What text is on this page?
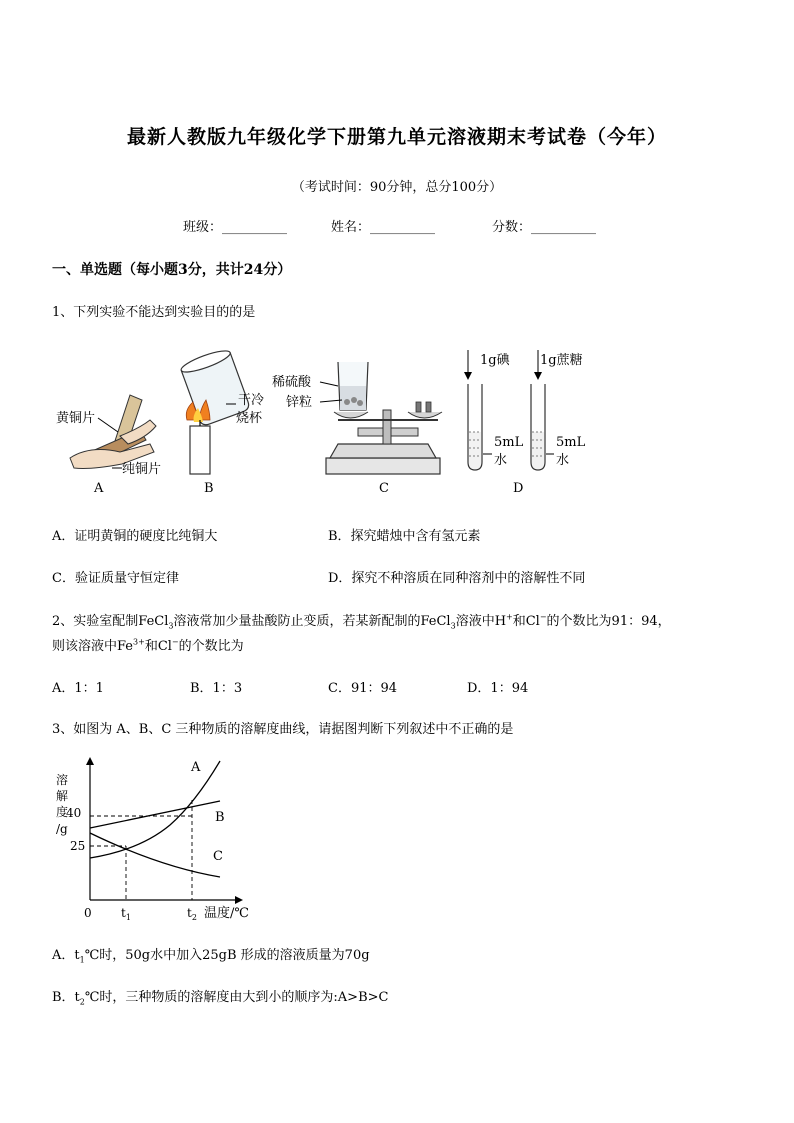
最新人教版九年级化学下册第九单元溶液期末考试卷（今年）
（考试时间：90分钟，总分100分）
班级：__________	姓名：__________	分数：__________
一、单选题（每小题3分，共计24分）
1、下列实验不能达到实验目的的是
黄铜片
纯铜片
A
干冷
烧杯
B
稀硫酸
锌粒
C
1g碘
5mL
水
1g蔗糖
5mL
水
D
A．证明黄铜的硬度比纯铜大	B．探究蜡烛中含有氢元素
C．验证质量守恒定律	D．探究不种溶质在同种溶剂中的溶解性不同
2、实验室配制FeCl$_3$溶液常加少量盐酸防止变质，若某新配制的FeCl$_3$溶液中H+和Cl−的个数比为91：94，
则该溶液中$Fe^{3+}$和Cl−的个数比为
A．1：1	B．1：3	C．91：94	D．1：94
3、如图为 A、B、C 三种物质的溶解度曲线，请据图判断下列叙述中不正确的是
A
B
C
40
25
溶
解
度
/g
0 $t_1$	$t_2$ 温度/℃
A．$t_1℃$时，50g水中加入25gB 形成的溶液质量为70g
B．$t_2℃$时，三种物质的溶解度由大到小的顺序为:A>B>C
